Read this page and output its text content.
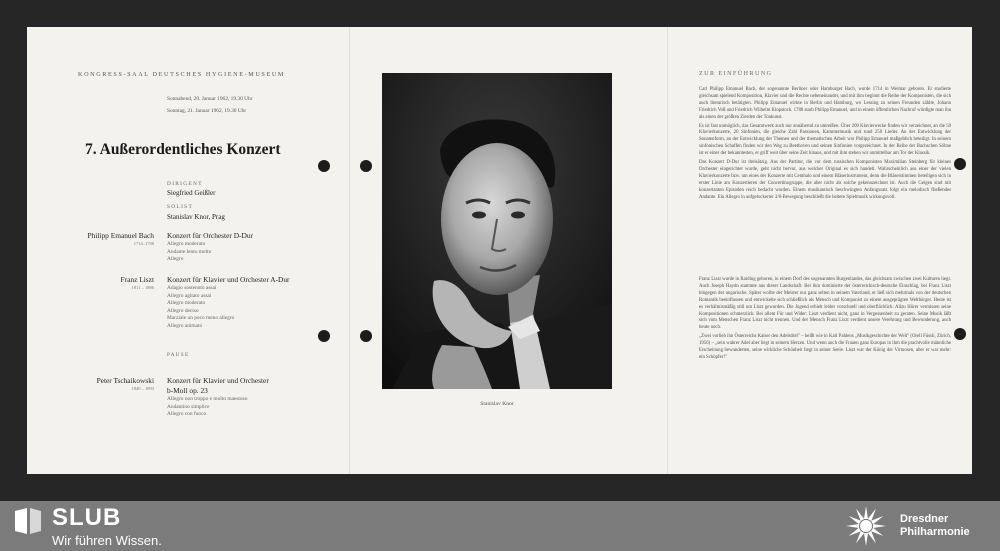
KONGRESS-SAAL DEUTSCHES HYGIENE-MUSEUM
Sonnabend, 20. Januar 1962, 19.30 Uhr
Sonntag, 21. Januar 1962, 19.30 Uhr
7. Außerordentliches Konzert
DIRIGENT
Siegfried Geißler
SOLIST
Stanislav Knor, Prag
Philipp Emanuel Bach
1714–1788
Konzert für Orchester D-Dur
Allegro moderato
Andante lento molto
Allegro
Franz Liszt
1811 – 1886
Konzert für Klavier und Orchester A-Dur
Adagio sostenuto assai
Allegro agitato assai
Allegro moderato
Allegro deciso
Marziale un poco meno allegro
Allegro animato
PAUSE
Peter Tschaikowski
1840 – 1893
Konzert für Klavier und Orchester
b-Moll op. 23
Allegro non troppo e molto maestoso
Andantino simplice
Allegro con fuoco
Stanislav Knor
ZUR EINFÜHRUNG

Carl Philipp Emanuel Bach, der sogenannte Berliner oder Hamburger Bach, wurde 1714 in Weimar geboren. Er studierte gleichsam spielend Komposition, Klavier und die Rechte nebeneinander, und mit ihm beginnt die Reihe der Komponisten, die sich auch literarisch betätigten. Philipp Emanuel wirkte in Berlin und Hamburg, wo Lessing zu seinen Freunden zählte, Johann Friedrich Voß und Friedrich Wilhelm Klopstock. 1788 starb Philipp Emanuel, und in einem öffentlichen Nachruf würdigte man ihn als einen der größten Zierden der Tonkunst.

Es ist fast unmöglich, das Gesamtwerk auch nur annähernd zu umreißen. Über 200 Klavierwerke finden wir verzeichnet, an die 50 Klavierkonzerte, 20 Sinfonien, die gleiche Zahl Passionen, Kammermusik und rund 250 Lieder. An der Entwicklung der Sonatenform, an der Entwicklung der Themen und der thematischen Arbeit war Philipp Emanuel maßgeblich beteiligt. In seinem sinfonischen Schaffen finden wir den Weg zu Beethoven und seinen Sinfonien vorgezeichnet. In der Reihe der Bachschen Söhne ist er einer der bekanntesten, er griff weit über seine Zeit hinaus, und mit ihm stehen wir unmittelbar am Tor der Klassik.

Das Konzert D-Dur ist dreisätzig. Aus der Partitur, die vor dem russischen Komponisten Maximilian Steinberg für kleines Orchester eingerichtet wurde, geht nicht hervor, aus welcher Original es sich handelt. Wahrscheinlich aus einer der vielen Klavierkonzerte bzw. um eines der Konzerte mit Cembalo und einem Bläserinstrument, denn die Bläserstimmen beteiligen sich in erster Linie am Konzertieren der Concertinogruppe, die aber nicht als solche gekennzeichnet ist. Auch die Geigen sind mit konzertanten Episoden reich bedacht worden. Einem musikantisch beschwingten Anfangssatz folgt ein melodisch fließendes Andante. Ein Allegro in aufgelockerter 3/8-Bewegung beschließt die heitere Spielmusik wirkungsvoll.

Franz Liszt wurde in Raiding geboren, in einem Dorf des sogenannten Burgenlandes, das gleichsam zwischen zwei Kulturen liegt. Auch Joseph Haydn stammte aus dieser Landschaft. Bei ihm dominierte der österreichisch-deutsche Einschlag, bei Franz Liszt hingegen der ungarische. Später wollte der Meister nur ganz selten in seinem Vaterland, er ließ sich mehrmals von der deutschen Romantik beeinflussen und entwickelte sich schließlich als Mensch und Komponist zu einem ausgeprägten Weltbürger. Heute ist es verhältnismäßig still um Liszt geworden. Die Jugend erhielt leider vorschnell und oberflächlich. Allzu Hörer vermissen seine Kompositionen schmerzlich. Bei allem Für und Wider: Liszt verdient nicht, ganz in Vergessenheit zu geraten. Seine Musik läßt sich vom Menschen Franz Liszt nicht trennen. Und der Mensch Franz Liszt verdient unsere Verehrung und Bewunderung, auch heute noch.

„Zwei vorlieh ihn Österreichs Kaiser den Adelstitel" – heißt wie in Karl Pahlens „Musikgeschichte der Welt" (Orell Füssli, Zürich, 1956) – „sein wahrer Adel aber liegt in seinem Herzen. Und wenn auch die Frauen ganz Europas in ihm die prachtvolle männliche Erscheinung bewunderten, seine wirkliche Schönheit liegt in seiner Seele. Liszt war der König der Virtuosen, aber er war mehr: ein Schöpfer!"

SLUB
Wir führen Wissen.
Dresdner
Philharmonie
